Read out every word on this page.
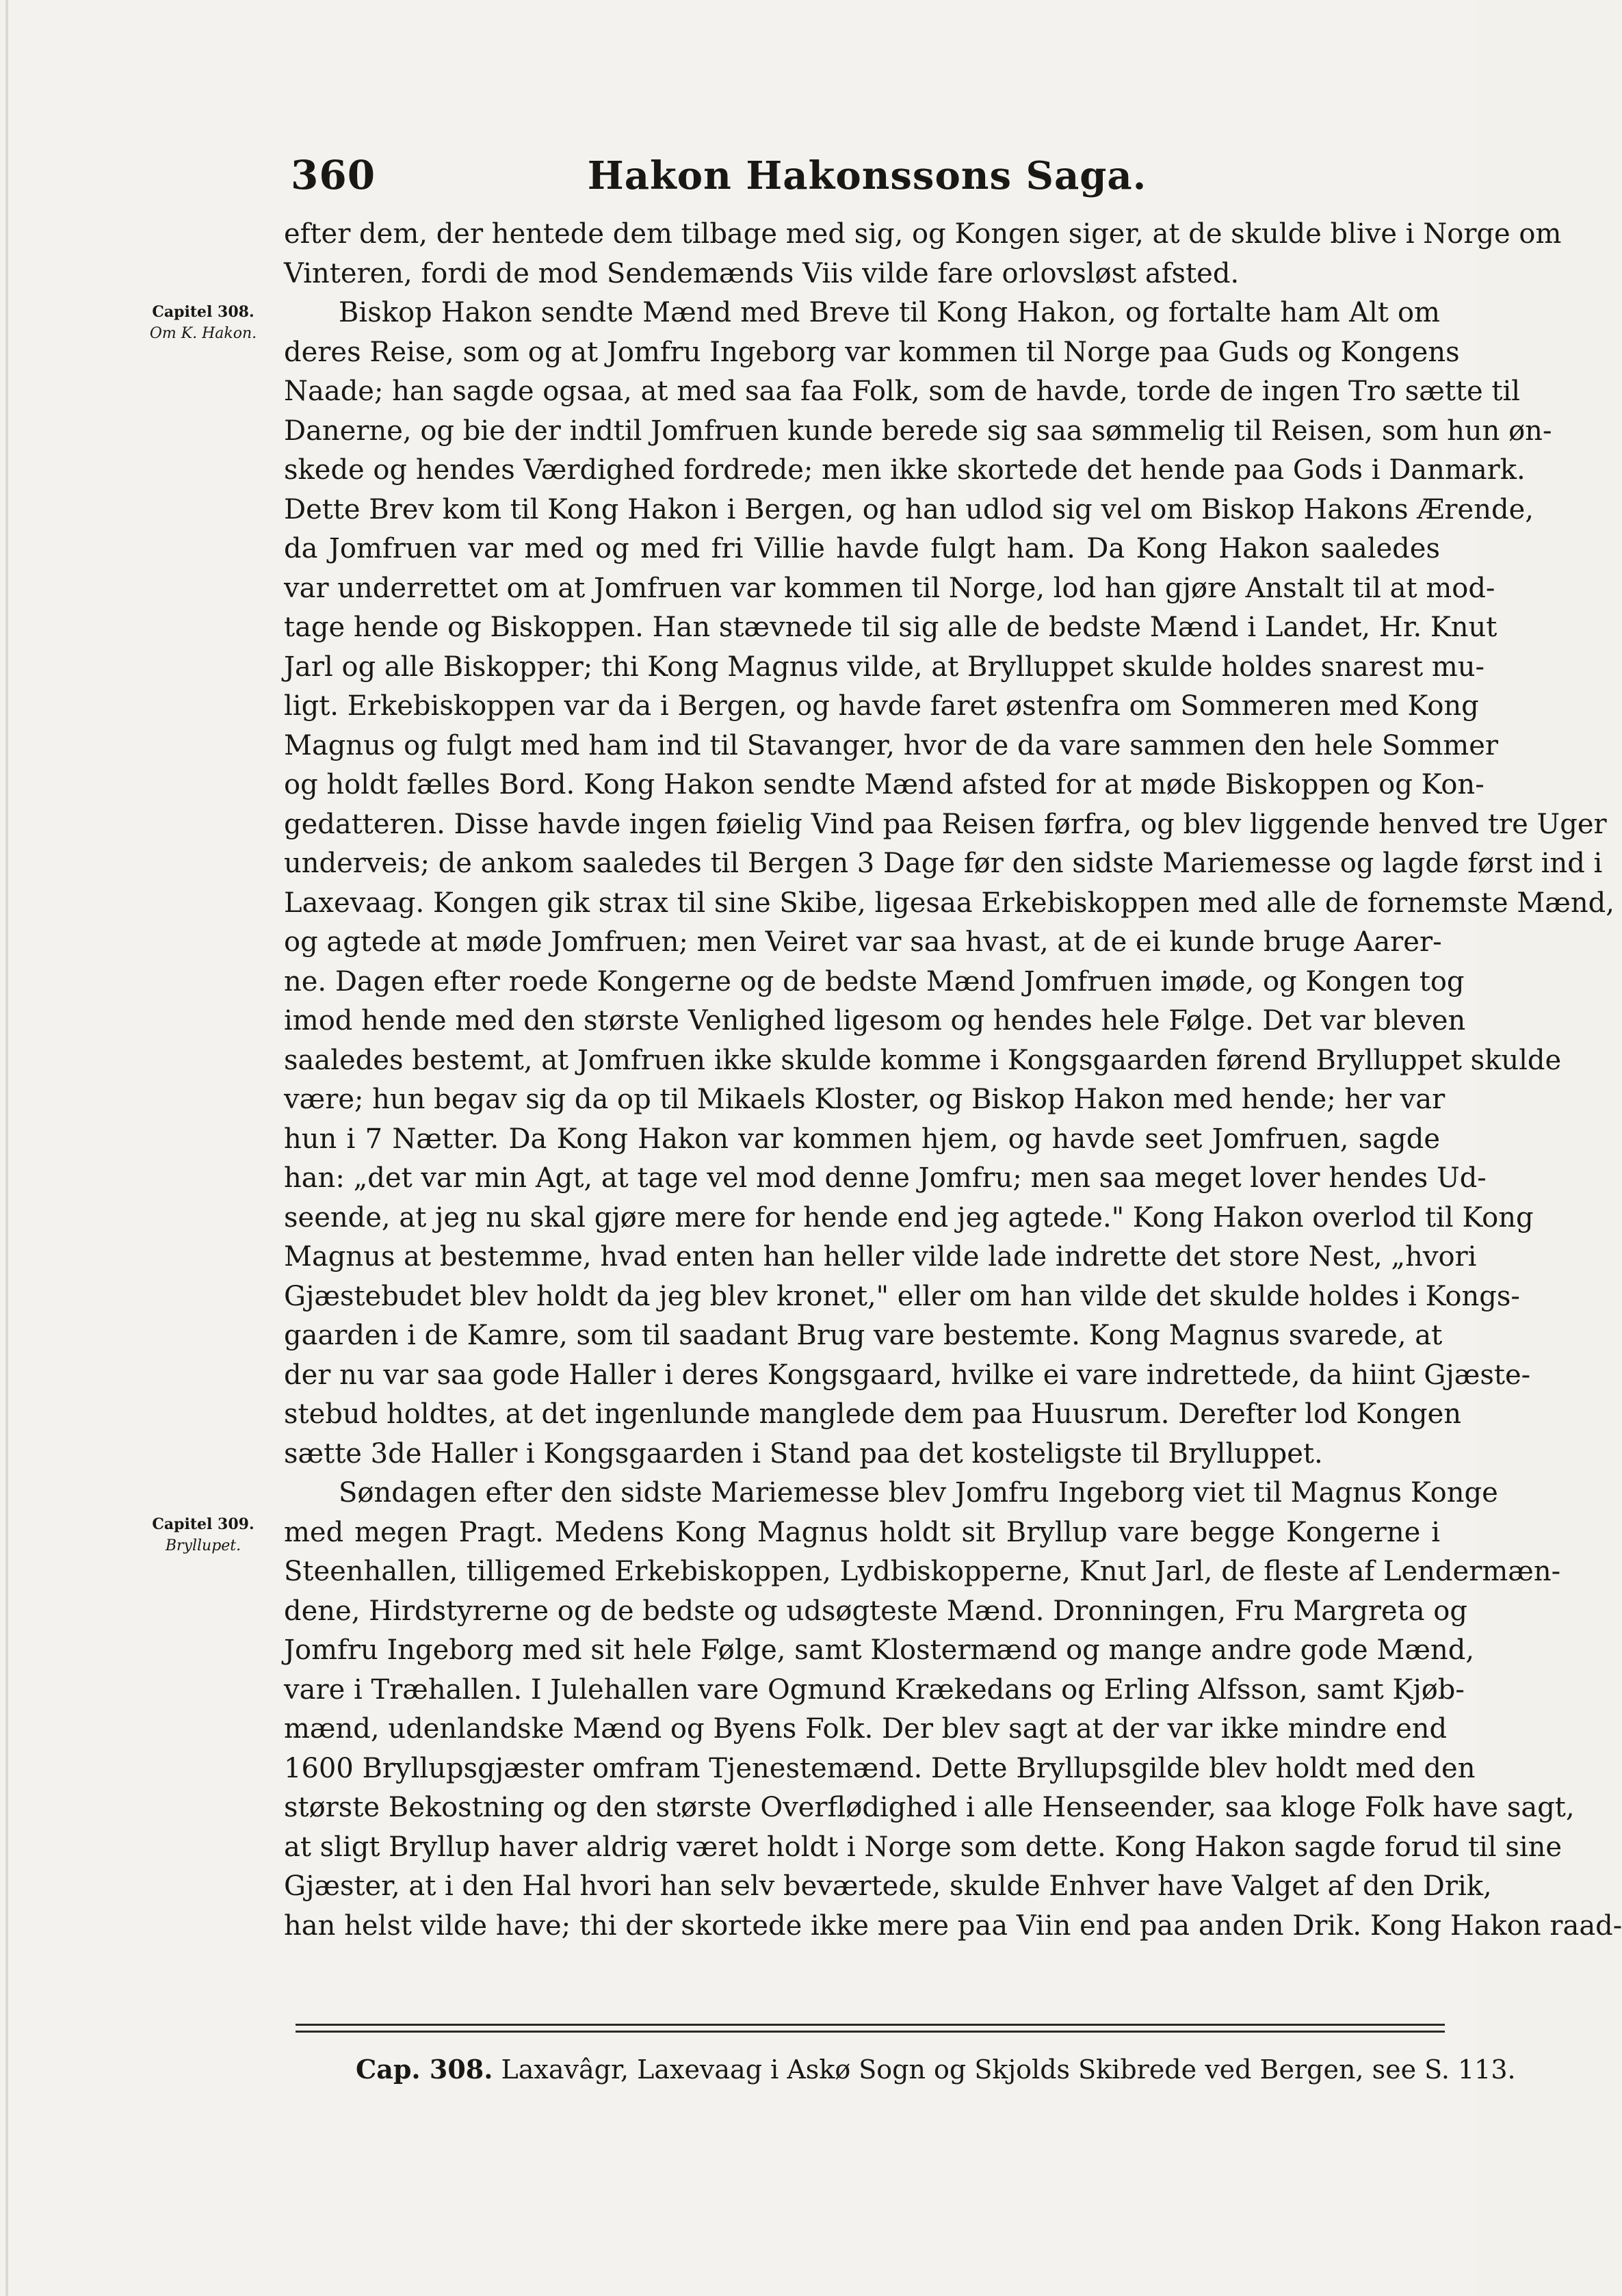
360	Hakon Hakonssons Saga.
Capitel 308.
Om K. Hakon.
Capitel 309.
Bryllupet.
efter dem, der hentede dem tilbage med sig, og Kongen siger, at de skulde blive i Norge om
Vinteren, fordi de mod Sendemænds Viis vilde fare orlovsløst afsted.
Biskop Hakon sendte Mænd med Breve til Kong Hakon, og fortalte ham Alt om
deres Reise, som og at Jomfru Ingeborg var kommen til Norge paa Guds og Kongens
Naade; han sagde ogsaa, at med saa faa Folk, som de havde, torde de ingen Tro sætte til
Danerne, og bie der indtil Jomfruen kunde berede sig saa sømmelig til Reisen, som hun øn-
skede og hendes Værdighed fordrede; men ikke skortede det hende paa Gods i Danmark.
Dette Brev kom til Kong Hakon i Bergen, og han udlod sig vel om Biskop Hakons Ærende,
da Jomfruen var med og med fri Villie havde fulgt ham. Da Kong Hakon saaledes
var underrettet om at Jomfruen var kommen til Norge, lod han gjøre Anstalt til at mod-
tage hende og Biskoppen. Han stævnede til sig alle de bedste Mænd i Landet, Hr. Knut
Jarl og alle Biskopper; thi Kong Magnus vilde, at Brylluppet skulde holdes snarest mu-
ligt. Erkebiskoppen var da i Bergen, og havde faret østenfra om Sommeren med Kong
Magnus og fulgt med ham ind til Stavanger, hvor de da vare sammen den hele Sommer
og holdt fælles Bord. Kong Hakon sendte Mænd afsted for at møde Biskoppen og Kon-
gedatteren. Disse havde ingen føielig Vind paa Reisen førfra, og blev liggende henved tre Uger
underveis; de ankom saaledes til Bergen 3 Dage før den sidste Mariemesse og lagde først ind i
Laxevaag. Kongen gik strax til sine Skibe, ligesaa Erkebiskoppen med alle de fornemste Mænd,
og agtede at møde Jomfruen; men Veiret var saa hvast, at de ei kunde bruge Aarer-
ne. Dagen efter roede Kongerne og de bedste Mænd Jomfruen imøde, og Kongen tog
imod hende med den største Venlighed ligesom og hendes hele Følge. Det var bleven
saaledes bestemt, at Jomfruen ikke skulde komme i Kongsgaarden førend Brylluppet skulde
være; hun begav sig da op til Mikaels Kloster, og Biskop Hakon med hende; her var
hun i 7 Nætter. Da Kong Hakon var kommen hjem, og havde seet Jomfruen, sagde
han: „det var min Agt, at tage vel mod denne Jomfru; men saa meget lover hendes Ud-
seende, at jeg nu skal gjøre mere for hende end jeg agtede." Kong Hakon overlod til Kong
Magnus at bestemme, hvad enten han heller vilde lade indrette det store Nest, „hvori
Gjæstebudet blev holdt da jeg blev kronet," eller om han vilde det skulde holdes i Kongs-
gaarden i de Kamre, som til saadant Brug vare bestemte. Kong Magnus svarede, at
der nu var saa gode Haller i deres Kongsgaard, hvilke ei vare indrettede, da hiint Gjæste-
stebud holdtes, at det ingenlunde manglede dem paa Huusrum. Derefter lod Kongen
sætte 3de Haller i Kongsgaarden i Stand paa det kosteligste til Brylluppet.
Søndagen efter den sidste Mariemesse blev Jomfru Ingeborg viet til Magnus Konge
med megen Pragt. Medens Kong Magnus holdt sit Bryllup vare begge Kongerne i
Steenhallen, tilligemed Erkebiskoppen, Lydbiskopperne, Knut Jarl, de fleste af Lendermæn-
dene, Hirdstyrerne og de bedste og udsøgteste Mænd. Dronningen, Fru Margreta og
Jomfru Ingeborg med sit hele Følge, samt Klostermænd og mange andre gode Mænd,
vare i Træhallen. I Julehallen vare Ogmund Krækedans og Erling Alfsson, samt Kjøb-
mænd, udenlandske Mænd og Byens Folk. Der blev sagt at der var ikke mindre end
1600 Bryllupsgjæster omfram Tjenestemænd. Dette Bryllupsgilde blev holdt med den
største Bekostning og den største Overflødighed i alle Henseender, saa kloge Folk have sagt,
at sligt Bryllup haver aldrig været holdt i Norge som dette. Kong Hakon sagde forud til sine
Gjæster, at i den Hal hvori han selv beværtede, skulde Enhver have Valget af den Drik,
han helst vilde have; thi der skortede ikke mere paa Viin end paa anden Drik. Kong Hakon raad-
Cap. 308. Laxavâgr, Laxevaag i Askø Sogn og Skjolds Skibrede ved Bergen, see S. 113.
